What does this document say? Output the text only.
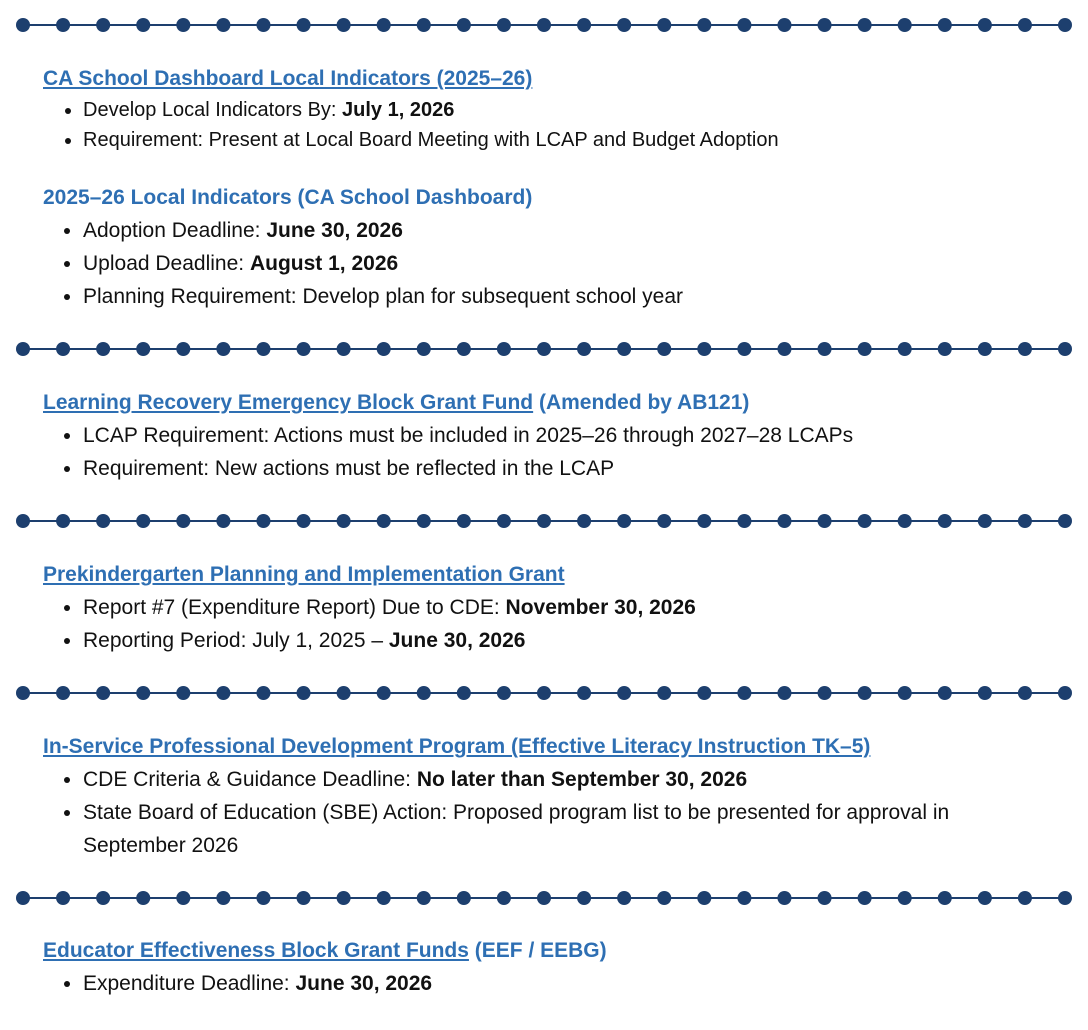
CA School Dashboard Local Indicators (2025–26)

• Develop Local Indicators By: July 1, 2026
• Requirement: Present at Local Board Meeting with LCAP and Budget Adoption

2025–26 Local Indicators (CA School Dashboard)

• Adoption Deadline: June 30, 2026
• Upload Deadline: August 1, 2026
• Planning Requirement: Develop plan for subsequent school year

Learning Recovery Emergency Block Grant Fund (Amended by AB121)

• LCAP Requirement: Actions must be included in 2025–26 through 2027–28 LCAPs
• Requirement: New actions must be reflected in the LCAP

Prekindergarten Planning and Implementation Grant

• Report #7 (Expenditure Report) Due to CDE: November 30, 2026
• Reporting Period: July 1, 2025 – June 30, 2026

In-Service Professional Development Program (Effective Literacy Instruction TK–5)

• CDE Criteria & Guidance Deadline: No later than September 30, 2026
• State Board of Education (SBE) Action: Proposed program list to be presented for approval in September 2026

Educator Effectiveness Block Grant Funds (EEF / EEBG)

• Expenditure Deadline: June 30, 2026
